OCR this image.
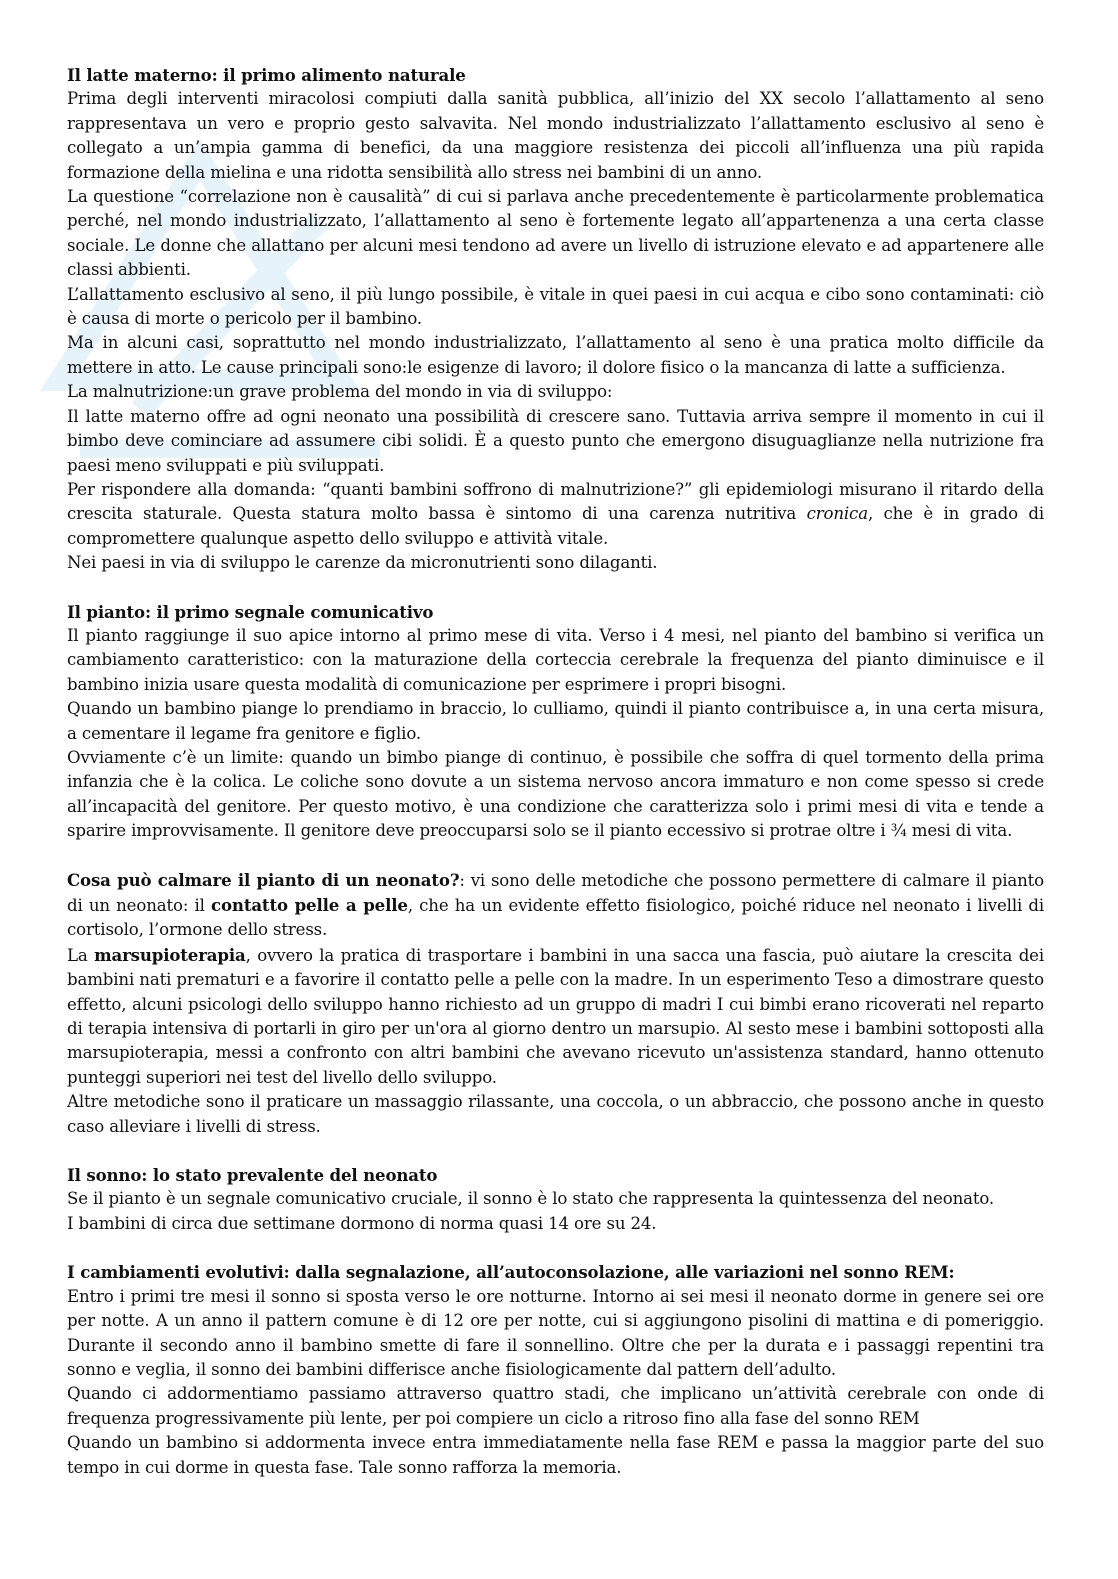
Il latte materno: il primo alimento naturale

Prima degli interventi miracolosi compiuti dalla sanità pubblica, all’inizio del XX secolo l’allattamento al seno rappresentava un vero e proprio gesto salvavita. Nel mondo industrializzato l’allattamento esclusivo al seno è collegato a un’ampia gamma di benefici, da una maggiore resistenza dei piccoli all’influenza una più rapida formazione della mielina e una ridotta sensibilità allo stress nei bambini di un anno.

La questione “correlazione non è causalità” di cui si parlava anche precedentemente è particolarmente problematica perché, nel mondo industrializzato, l’allattamento al seno è fortemente legato all’appartenenza a una certa classe sociale. Le donne che allattano per alcuni mesi tendono ad avere un livello di istruzione elevato e ad appartenere alle classi abbienti.

L’allattamento esclusivo al seno, il più lungo possibile, è vitale in quei paesi in cui acqua e cibo sono contaminati: ciò è causa di morte o pericolo per il bambino.

Ma in alcuni casi, soprattutto nel mondo industrializzato, l’allattamento al seno è una pratica molto difficile da mettere in atto. Le cause principali sono:le esigenze di lavoro; il dolore fisico o la mancanza di latte a sufficienza.

La malnutrizione:un grave problema del mondo in via di sviluppo:

Il latte materno offre ad ogni neonato una possibilità di crescere sano. Tuttavia arriva sempre il momento in cui il bimbo deve cominciare ad assumere cibi solidi. È a questo punto che emergono disuguaglianze nella nutrizione fra paesi meno sviluppati e più sviluppati.

Per rispondere alla domanda: “quanti bambini soffrono di malnutrizione?” gli epidemiologi misurano il ritardo della crescita staturale. Questa statura molto bassa è sintomo di una carenza nutritiva cronica, che è in grado di compromettere qualunque aspetto dello sviluppo e attività vitale.

Nei paesi in via di sviluppo le carenze da micronutrienti sono dilaganti.

Il pianto: il primo segnale comunicativo

Il pianto raggiunge il suo apice intorno al primo mese di vita. Verso i 4 mesi, nel pianto del bambino si verifica un cambiamento caratteristico: con la maturazione della corteccia cerebrale la frequenza del pianto diminuisce e il bambino inizia usare questa modalità di comunicazione per esprimere i propri bisogni.

Quando un bambino piange lo prendiamo in braccio, lo culliamo, quindi il pianto contribuisce a, in una certa misura, a cementare il legame fra genitore e figlio.

Ovviamente c’è un limite: quando un bimbo piange di continuo, è possibile che soffra di quel tormento della prima infanzia che è la colica. Le coliche sono dovute a un sistema nervoso ancora immaturo e non come spesso si crede all’incapacità del genitore. Per questo motivo, è una condizione che caratterizza solo i primi mesi di vita e tende a sparire improvvisamente. Il genitore deve preoccuparsi solo se il pianto eccessivo si protrae oltre i ¾ mesi di vita.

Cosa può calmare il pianto di un neonato?: vi sono delle metodiche che possono permettere di calmare il pianto di un neonato: il contatto pelle a pelle, che ha un evidente effetto fisiologico, poiché riduce nel neonato i livelli di cortisolo, l’ormone dello stress.

La marsupioterapia, ovvero la pratica di trasportare i bambini in una sacca una fascia, può aiutare la crescita dei bambini nati prematuri e a favorire il contatto pelle a pelle con la madre. In un esperimento Teso a dimostrare questo effetto, alcuni psicologi dello sviluppo hanno richiesto ad un gruppo di madri I cui bimbi erano ricoverati nel reparto di terapia intensiva di portarli in giro per un'ora al giorno dentro un marsupio. Al sesto mese i bambini sottoposti alla marsupioterapia, messi a confronto con altri bambini che avevano ricevuto un'assistenza standard, hanno ottenuto punteggi superiori nei test del livello dello sviluppo.

Altre metodiche sono il praticare un massaggio rilassante, una coccola, o un abbraccio, che possono anche in questo caso alleviare i livelli di stress.

Il sonno: lo stato prevalente del neonato

Se il pianto è un segnale comunicativo cruciale, il sonno è lo stato che rappresenta la quintessenza del neonato.

I bambini di circa due settimane dormono di norma quasi 14 ore su 24.

I cambiamenti evolutivi: dalla segnalazione, all’autoconsolazione, alle variazioni nel sonno REM:

Entro i primi tre mesi il sonno si sposta verso le ore notturne. Intorno ai sei mesi il neonato dorme in genere sei ore per notte. A un anno il pattern comune è di 12 ore per notte, cui si aggiungono pisolini di mattina e di pomeriggio. Durante il secondo anno il bambino smette di fare il sonnellino. Oltre che per la durata e i passaggi repentini tra sonno e veglia, il sonno dei bambini differisce anche fisiologicamente dal pattern dell’adulto.

Quando ci addormentiamo passiamo attraverso quattro stadi, che implicano un’attività cerebrale con onde di frequenza progressivamente più lente, per poi compiere un ciclo a ritroso fino alla fase del sonno REM

Quando un bambino si addormenta invece entra immediatamente nella fase REM e passa la maggior parte del suo tempo in cui dorme in questa fase. Tale sonno rafforza la memoria.
